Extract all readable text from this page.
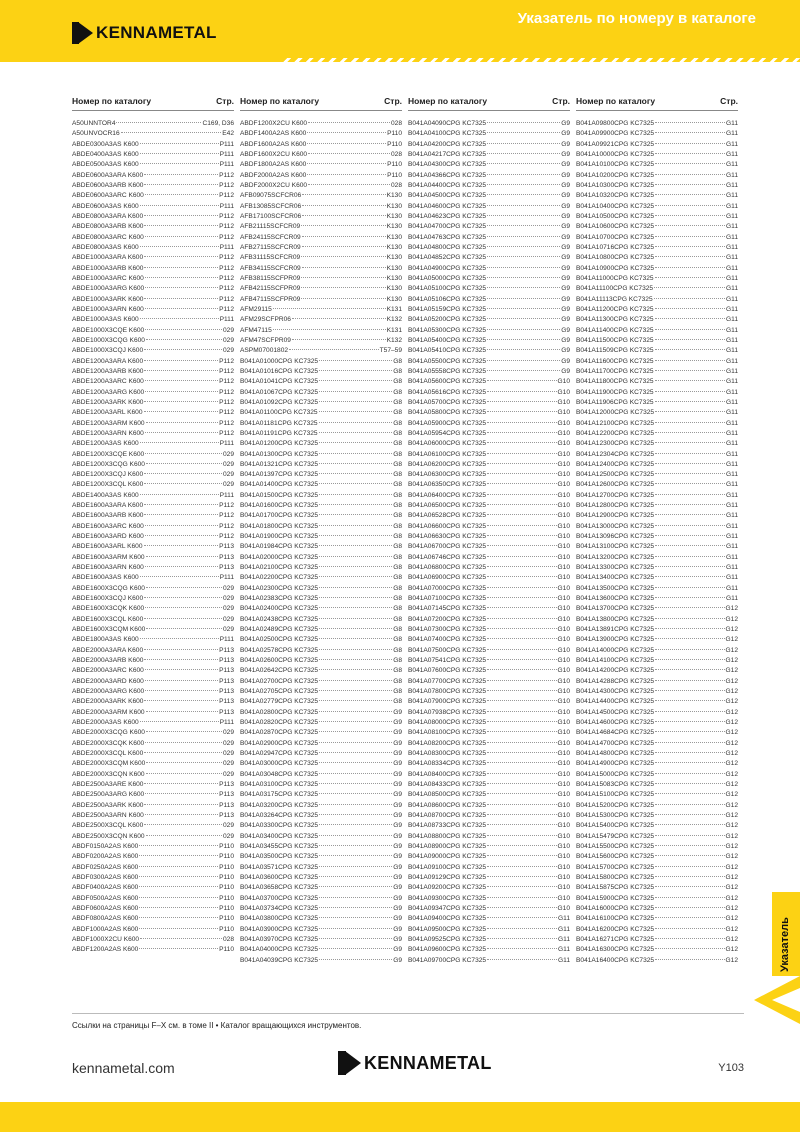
KENNAMETAL
Указатель по номеру в каталоге
Номер по каталогу	Стр.
A50UNNTOR4	C169, D36
A50UNVOCR16	E42
ABDE0300A3AS K600	P111
ABDE0400A3AS K600	P111
ABDE0500A3AS K600	P111
ABDE0600A3ARA K600	P112
ABDE0600A3ARB K600	P112
ABDE0600A3ARC K600	P112
ABDE0600A3AS K600	P111
ABDE0800A3ARA K600	P112
ABDE0800A3ARB K600	P112
ABDE0800A3ARC K600	P112
ABDE0800A3AS K600	P111
ABDE1000A3ARA K600	P112
ABDE1000A3ARB K600	P112
ABDE1000A3ARC K600	P112
ABDE1000A3ARG K600	P112
ABDE1000A3ARK K600	P112
ABDE1000A3ARN K600	P112
ABDE1000A3AS K600	P111
ABDE1000X3CQE K600	029
ABDE1000X3CQG K600	029
ABDE1000X3CQJ K600	029
ABDE1200A3ARA K600	P112
ABDE1200A3ARB K600	P112
ABDE1200A3ARC K600	P112
ABDE1200A3ARG K600	P112
ABDE1200A3ARK K600	P112
ABDE1200A3ARL K600	P112
ABDE1200A3ARM K600	P112
ABDE1200A3ARN K600	P112
ABDE1200A3AS K600	P111
ABDE1200X3CQE K600	029
ABDE1200X3CQG K600	029
ABDE1200X3CQJ K600	029
ABDE1200X3CQL K600	029
ABDE1400A3AS K600	P111
ABDE1600A3ARA K600	P112
ABDE1600A3ARB K600	P112
ABDE1600A3ARC K600	P112
ABDE1600A3ARD K600	P112
ABDE1600A3ARL K600	P113
ABDE1600A3ARM K600	P113
ABDE1600A3ARN K600	P113
ABDE1600A3AS K600	P111
ABDE1600X3CQG K600	029
ABDE1600X3CQJ K600	029
ABDE1600X3CQK K600	029
ABDE1600X3CQL K600	029
ABDE1600X3CQM K600	029
ABDE1800A3AS K600	P111
ABDE2000A3ARA K600	P113
ABDE2000A3ARB K600	P113
ABDE2000A3ARC K600	P113
ABDE2000A3ARD K600	P113
ABDE2000A3ARG K600	P113
ABDE2000A3ARK K600	P113
ABDE2000A3ARM K600	P113
ABDE2000A3AS K600	P111
ABDE2000X3CQG K600	029
ABDE2000X3CQK K600	029
ABDE2000X3CQL K600	029
ABDE2000X3CQM K600	029
ABDE2000X3CQN K600	029
ABDE2500A3ARE K600	P113
ABDE2500A3ARG K600	P113
ABDE2500A3ARK K600	P113
ABDE2500A3ARN K600	P113
ABDE2500X3CQL K600	029
ABDE2500X3CQN K600	029
ABDF0150A2AS K600	P110
ABDF0200A2AS K600	P110
ABDF0250A2AS K600	P110
ABDF0300A2AS K600	P110
ABDF0400A2AS K600	P110
ABDF0500A2AS K600	P110
ABDF0600A2AS K600	P110
ABDF0800A2AS K600	P110
ABDF1000A2AS K600	P110
ABDF1000X2CU K600	028
ABDF1200A2AS K600	P110
Номер по каталогу	Стр.
ABDF1200X2CU K600	028
ABDF1400A2AS K600	P110
ABDF1600A2AS K600	P110
ABDF1600X2CU K600	028
ABDF1800A2AS K600	P110
ABDF2000A2AS K600	P110
ABDF2000X2CU K600	028
AFB09075SCFCR06	K130
AFB13085SCFCR06	K130
AFB17100SCFCR06	K130
AFB21115SCFCR09	K130
AFB24115SCFCR09	K130
AFB27115SCFCR09	K130
AFB31115SCFCR09	K130
AFB34115SCFCR09	K130
AFB38115SCFPR09	K130
AFB42115SCFPR09	K130
AFB47115SCFPR09	K130
AFM29115	K131
AFM29SCFPR06	K132
AFM47115	K131
AFM47SCFPR09	K132
ASPM07001802	T57–59
B041A01000CPG KC7325	G8
B041A01016CPG KC7325	G8
B041A01041CPG KC7325	G8
B041A01067CPG KC7325	G8
B041A01092CPG KC7325	G8
B041A01100CPG KC7325	G8
B041A01181CPG KC7325	G8
B041A01191CPG KC7325	G8
B041A01200CPG KC7325	G8
B041A01300CPG KC7325	G8
B041A01321CPG KC7325	G8
B041A01397CPG KC7325	G8
B041A01400CPG KC7325	G8
B041A01500CPG KC7325	G8
B041A01600CPG KC7325	G8
B041A01700CPG KC7325	G8
B041A01800CPG KC7325	G8
B041A01900CPG KC7325	G8
B041A01984CPG KC7325	G8
B041A02000CPG KC7325	G8
B041A02100CPG KC7325	G8
B041A02200CPG KC7325	G8
B041A02300CPG KC7325	G8
B041A02383CPG KC7325	G8
B041A02400CPG KC7325	G8
B041A02438CPG KC7325	G8
B041A02489CPG KC7325	G8
B041A02500CPG KC7325	G8
B041A02578CPG KC7325	G8
B041A02600CPG KC7325	G8
B041A02642CPG KC7325	G8
B041A02700CPG KC7325	G8
B041A02705CPG KC7325	G8
B041A02779CPG KC7325	G8
B041A02800CPG KC7325	G9
B041A02820CPG KC7325	G9
B041A02870CPG KC7325	G9
B041A02900CPG KC7325	G9
B041A02947CPG KC7325	G9
B041A03000CPG KC7325	G9
B041A03048CPG KC7325	G9
B041A03100CPG KC7325	G9
B041A03175CPG KC7325	G9
B041A03200CPG KC7325	G9
B041A03264CPG KC7325	G9
B041A03300CPG KC7325	G9
B041A03400CPG KC7325	G9
B041A03455CPG KC7325	G9
B041A03500CPG KC7325	G9
B041A03571CPG KC7325	G9
B041A03600CPG KC7325	G9
B041A03658CPG KC7325	G9
B041A03700CPG KC7325	G9
B041A03734CPG KC7325	G9
B041A03800CPG KC7325	G9
B041A03900CPG KC7325	G9
B041A03970CPG KC7325	G9
B041A04000CPG KC7325	G9
B041A04039CPG KC7325	G9
Номер по каталогу	Стр.
B041A04090CPG KC7325	G9
B041A04100CPG KC7325	G9
B041A04200CPG KC7325	G9
B041A04217CPG KC7325	G9
B041A04300CPG KC7325	G9
B041A04366CPG KC7325	G9
B041A04400CPG KC7325	G9
B041A04500CPG KC7325	G9
B041A04600CPG KC7325	G9
B041A04623CPG KC7325	G9
B041A04700CPG KC7325	G9
B041A04763CPG KC7325	G9
B041A04800CPG KC7325	G9
B041A04852CPG KC7325	G9
B041A04900CPG KC7325	G9
B041A05000CPG KC7325	G9
B041A05100CPG KC7325	G9
B041A05106CPG KC7325	G9
B041A05159CPG KC7325	G9
B041A05200CPG KC7325	G9
B041A05300CPG KC7325	G9
B041A05400CPG KC7325	G9
B041A05410CPG KC7325	G9
B041A05500CPG KC7325	G9
B041A05558CPG KC7325	G9
B041A05600CPG KC7325	G10
B041A05616CPG KC7325	G10
B041A05700CPG KC7325	G10
B041A05800CPG KC7325	G10
B041A05900CPG KC7325	G10
B041A05954CPG KC7325	G10
B041A06000CPG KC7325	G10
B041A06100CPG KC7325	G10
B041A06200CPG KC7325	G10
B041A06300CPG KC7325	G10
B041A06350CPG KC7325	G10
B041A06400CPG KC7325	G10
B041A06500CPG KC7325	G10
B041A06528CPG KC7325	G10
B041A06600CPG KC7325	G10
B041A06630CPG KC7325	G10
B041A06700CPG KC7325	G10
B041A06746CPG KC7325	G10
B041A06800CPG KC7325	G10
B041A06900CPG KC7325	G10
B041A07000CPG KC7325	G10
B041A07100CPG KC7325	G10
B041A07145CPG KC7325	G10
B041A07200CPG KC7325	G10
B041A07300CPG KC7325	G10
B041A07400CPG KC7325	G10
B041A07500CPG KC7325	G10
B041A07541CPG KC7325	G10
B041A07600CPG KC7325	G10
B041A07700CPG KC7325	G10
B041A07800CPG KC7325	G10
B041A07900CPG KC7325	G10
B041A07938CPG KC7325	G10
B041A08000CPG KC7325	G10
B041A08100CPG KC7325	G10
B041A08200CPG KC7325	G10
B041A08300CPG KC7325	G10
B041A08334CPG KC7325	G10
B041A08400CPG KC7325	G10
B041A08433CPG KC7325	G10
B041A08500CPG KC7325	G10
B041A08600CPG KC7325	G10
B041A08700CPG KC7325	G10
B041A08733CPG KC7325	G10
B041A08800CPG KC7325	G10
B041A08900CPG KC7325	G10
B041A09000CPG KC7325	G10
B041A09100CPG KC7325	G10
B041A09129CPG KC7325	G10
B041A09200CPG KC7325	G10
B041A09300CPG KC7325	G10
B041A09347CPG KC7325	G10
B041A09400CPG KC7325	G11
B041A09500CPG KC7325	G11
B041A09525CPG KC7325	G11
B041A09600CPG KC7325	G11
B041A09700CPG KC7325	G11
Номер по каталогу	Стр.
B041A09800CPG KC7325	G11
B041A09900CPG KC7325	G11
B041A09921CPG KC7325	G11
B041A10000CPG KC7325	G11
B041A10100CPG KC7325	G11
B041A10200CPG KC7325	G11
B041A10300CPG KC7325	G11
B041A10320CPG KC7325	G11
B041A10400CPG KC7325	G11
B041A10500CPG KC7325	G11
B041A10600CPG KC7325	G11
B041A10700CPG KC7325	G11
B041A10716CPG KC7325	G11
B041A10800CPG KC7325	G11
B041A10900CPG KC7325	G11
B041A11000CPG KC7325	G11
B041A11100CPG KC7325	G11
B041A11113CPG KC7325	G11
B041A11200CPG KC7325	G11
B041A11300CPG KC7325	G11
B041A11400CPG KC7325	G11
B041A11500CPG KC7325	G11
B041A11509CPG KC7325	G11
B041A11600CPG KC7325	G11
B041A11700CPG KC7325	G11
B041A11800CPG KC7325	G11
B041A11900CPG KC7325	G11
B041A11906CPG KC7325	G11
B041A12000CPG KC7325	G11
B041A12100CPG KC7325	G11
B041A12200CPG KC7325	G11
B041A12300CPG KC7325	G11
B041A12304CPG KC7325	G11
B041A12400CPG KC7325	G11
B041A12500CPG KC7325	G11
B041A12600CPG KC7325	G11
B041A12700CPG KC7325	G11
B041A12800CPG KC7325	G11
B041A12900CPG KC7325	G11
B041A13000CPG KC7325	G11
B041A13096CPG KC7325	G11
B041A13100CPG KC7325	G11
B041A13200CPG KC7325	G11
B041A13300CPG KC7325	G11
B041A13400CPG KC7325	G11
B041A13500CPG KC7325	G11
B041A13600CPG KC7325	G11
B041A13700CPG KC7325	G12
B041A13800CPG KC7325	G12
B041A13891CPG KC7325	G12
B041A13900CPG KC7325	G12
B041A14000CPG KC7325	G12
B041A14100CPG KC7325	G12
B041A14200CPG KC7325	G12
B041A14288CPG KC7325	G12
B041A14300CPG KC7325	G12
B041A14400CPG KC7325	G12
B041A14500CPG KC7325	G12
B041A14600CPG KC7325	G12
B041A14684CPG KC7325	G12
B041A14700CPG KC7325	G12
B041A14800CPG KC7325	G12
B041A14900CPG KC7325	G12
B041A15000CPG KC7325	G12
B041A15083CPG KC7325	G12
B041A15100CPG KC7325	G12
B041A15200CPG KC7325	G12
B041A15300CPG KC7325	G12
B041A15400CPG KC7325	G12
B041A15479CPG KC7325	G12
B041A15500CPG KC7325	G12
B041A15600CPG KC7325	G12
B041A15700CPG KC7325	G12
B041A15800CPG KC7325	G12
B041A15875CPG KC7325	G12
B041A15900CPG KC7325	G12
B041A16000CPG KC7325	G12
B041A16100CPG KC7325	G12
B041A16200CPG KC7325	G12
B041A16271CPG KC7325	G12
B041A16300CPG KC7325	G12
B041A16400CPG KC7325	G12
Ссылки на страницы F–X см. в томе II • Каталог вращающихся инструментов.
kennametal.com	KENNAMETAL	Y103
Указатель
